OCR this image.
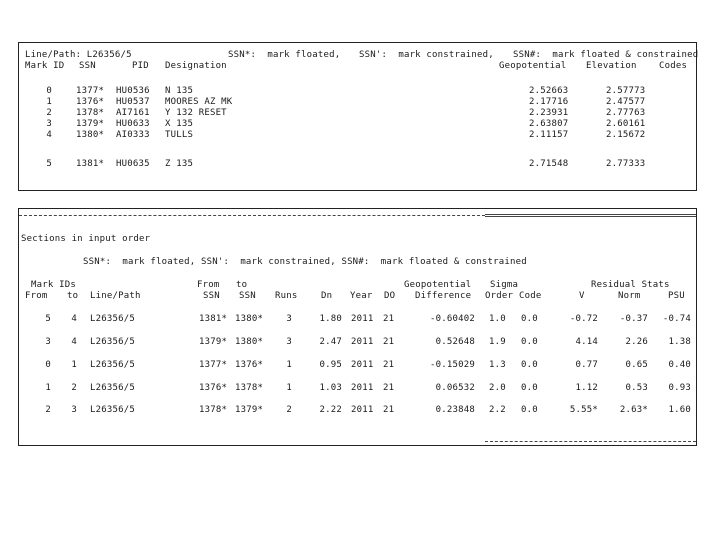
Line/Path: L26356/5	SSN*:  mark floated, SSN':  mark constrained, SSN#:  mark floated & constrained
Mark ID SSN	PID Designation	Geopotential Elevation Codes
0	1377* HU0536 N 135	2.52663	2.57773
1	1376* HU0537 MOORES AZ MK	2.17716	2.47577
2	1378* AI7161 Y 132 RESET	2.23931	2.77763
3	1379* HU0633 X 135	2.63807	2.60161
4	1380* AI0333 TULLS	2.11157	2.15672
5	1381* HU0635 Z 135	2.71548	2.77333
Sections in input order
SSN*:  mark floated, SSN':  mark constrained, SSN#:  mark floated & constrained
Mark IDs	From to	Geopotential Sigma	Residual Stats
From to Line/Path	SSN SSN Runs	Dn Year DO Difference Order Code	V	Norm	PSU
5	4 L26356/5	1381* 1380*	3	1.80 2011 21	-0.60402 1.0 0.0	-0.72	-0.37	-0.74
3	4 L26356/5	1379* 1380*	3	2.47 2011 21	0.52648 1.9 0.0	4.14	2.26	1.38
0	1 L26356/5	1377* 1376*	1	0.95 2011 21	-0.15029 1.3 0.0	0.77	0.65	0.40
1	2 L26356/5	1376* 1378*	1	1.03 2011 21	0.06532 2.0 0.0	1.12	0.53	0.93
2	3 L26356/5	1378* 1379*	2	2.22 2011 21	0.23848 2.2 0.0	5.55*	2.63*	1.60
